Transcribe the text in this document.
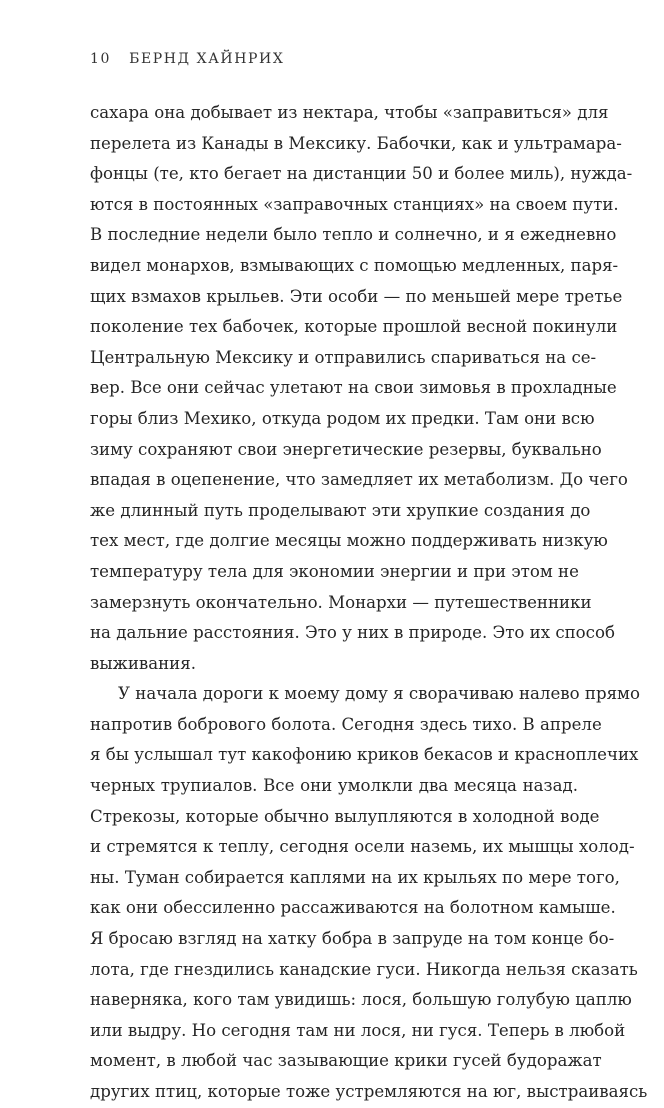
10 БЕРНД ХАЙНРИХ
сахара она добывает из нектара, чтобы «заправиться» для
перелета из Канады в Мексику. Бабочки, как и ультрамара-
фонцы (те, кто бегает на дистанции 50 и более миль), нужда-
ются в постоянных «заправочных станциях» на своем пути.
В последние недели было тепло и солнечно, и я ежедневно
видел монархов, взмывающих с помощью медленных, паря-
щих взмахов крыльев. Эти особи — по меньшей мере третье
поколение тех бабочек, которые прошлой весной покинули
Центральную Мексику и отправились спариваться на се-
вер. Все они сейчас улетают на свои зимовья в прохладные
горы близ Мехико, откуда родом их предки. Там они всю
зиму сохраняют свои энергетические резервы, буквально
впадая в оцепенение, что замедляет их метаболизм. До чего
же длинный путь проделывают эти хрупкие создания до
тех мест, где долгие месяцы можно поддерживать низкую
температуру тела для экономии энергии и при этом не
замерзнуть окончательно. Монархи — путешественники
на дальние расстояния. Это у них в природе. Это их способ
выживания.
У начала дороги к моему дому я сворачиваю налево прямо
напротив бобрового болота. Сегодня здесь тихо. В апреле
я бы услышал тут какофонию криков бекасов и красноплечих
черных трупиалов. Все они умолкли два месяца назад.
Стрекозы, которые обычно вылупляются в холодной воде
и стремятся к теплу, сегодня осели наземь, их мышцы холод-
ны. Туман собирается каплями на их крыльях по мере того,
как они обессиленно рассаживаются на болотном камыше.
Я бросаю взгляд на хатку бобра в запруде на том конце бо-
лота, где гнездились канадские гуси. Никогда нельзя сказать
наверняка, кого там увидишь: лося, большую голубую цаплю
или выдру. Но сегодня там ни лося, ни гуся. Теперь в любой
момент, в любой час зазывающие крики гусей будоражат
других птиц, которые тоже устремляются на юг, выстраиваясь
